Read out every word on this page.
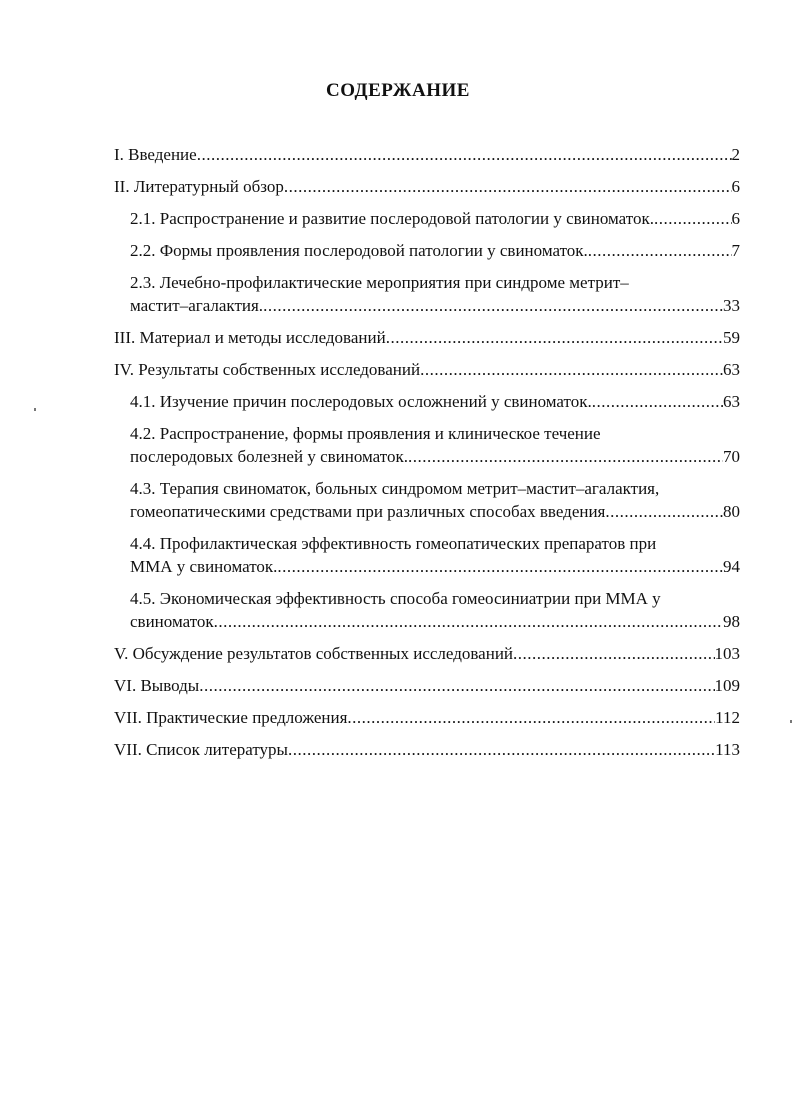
СОДЕРЖАНИЕ
I. Введение .....	2
II. Литературный обзор .....	6
2.1. Распространение и развитие послеродовой патологии у свиноматок. .....	6
2.2. Формы проявления послеродовой патологии у свиноматок. .....	7
2.3. Лечебно-профилактические мероприятия при синдроме метрит–
мастит–агалактия. .....	33
III. Материал и методы исследований .....	59
IV. Результаты собственных исследований .....	63
4.1. Изучение причин послеродовых осложнений у свиноматок. .....	63
4.2. Распространение, формы проявления и клиническое течение
послеродовых болезней у свиноматок. .....	70
4.3. Терапия свиноматок, больных синдромом метрит–мастит–агалактия,
гомеопатическими средствами при различных способах введения .....	80
4.4. Профилактическая эффективность гомеопатических препаратов при
ММА у свиноматок. .....	94
4.5. Экономическая эффективность способа гомеосиниатрии при ММА у
свиноматок .....	98
V. Обсуждение результатов собственных исследований .....	103
VI. Выводы .....	109
VII. Практические предложения .....	112
VII. Список литературы .....	113
